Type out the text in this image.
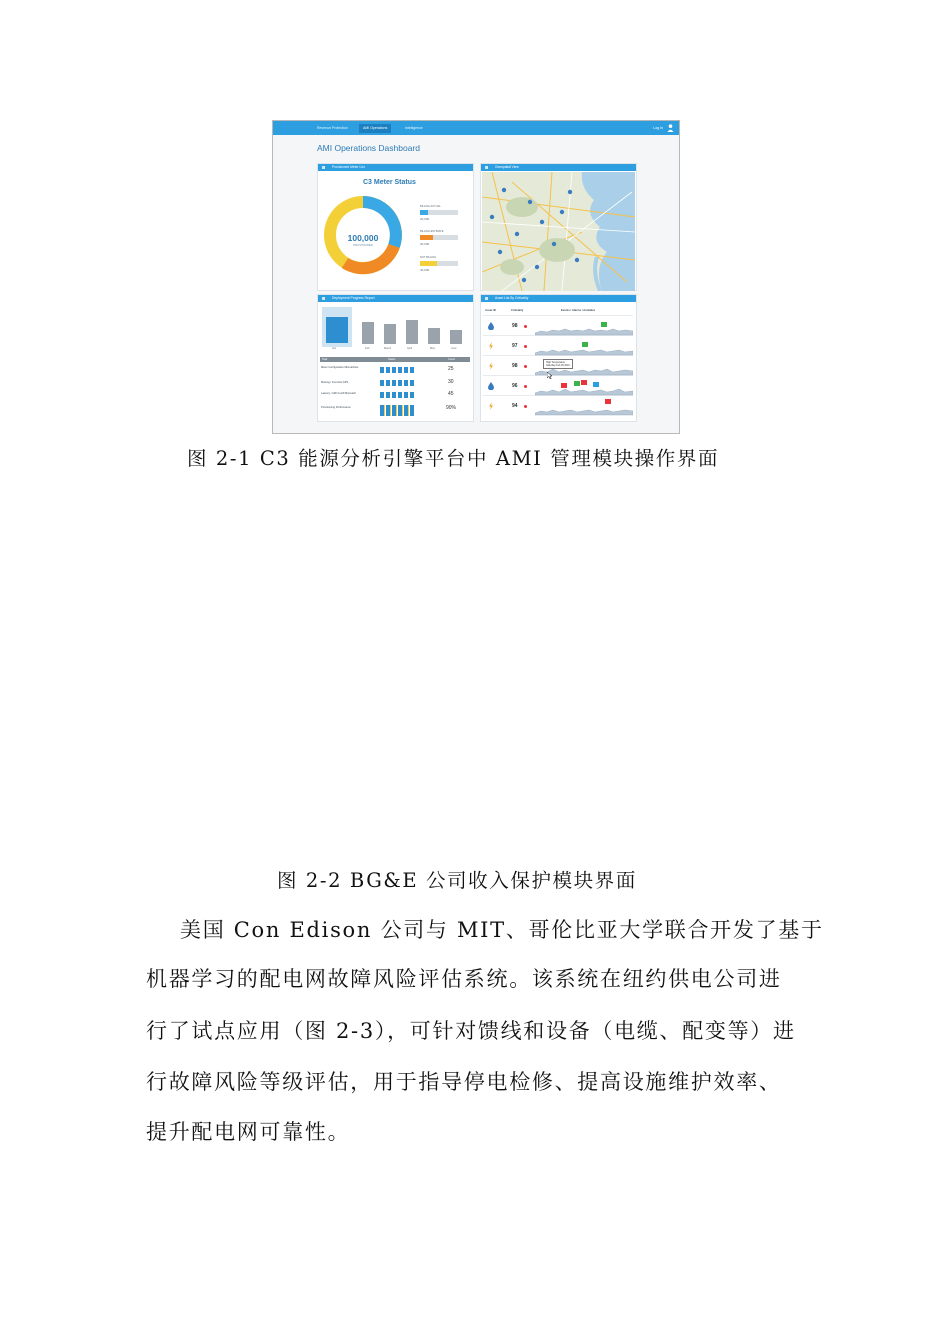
Revenue Protection	AMI Operations	Intelligence	Log In
AMI Operations Dashboard
Provisioned Meter List
C3 Meter Status
100,000
PROVISIONED
BILLING ACTUAL
20,000
BILLING ESTIMATE
30,000
NOT BILLING
40,000
Geospatial View
Deployment Progress Report
Jan	Feb	March	April	May	June
Task	Status	Count
Meter Configuration Mismatches	25
Missing / Incorrect GPS	30
Latency / AMI Cutoff Mismatch	45
Provisioning Performance	90%
Asset List By Criticality
Asset ID	Criticality	Events / Alarms / Anolalies
98
97
98
96
94
High Temperature
Saturday Feb 25 2016
图 2-1 C3 能源分析引擎平台中 AMI 管理模块操作界面
图 2-2 BG&E 公司收入保护模块界面
美国 Con Edison 公司与 MIT、哥伦比亚大学联合开发了基于
机器学习的配电网故障风险评估系统。该系统在纽约供电公司进
行了试点应用（图 2-3），可针对馈线和设备（电缆、配变等）进
行故障风险等级评估，用于指导停电检修、提高设施维护效率、
提升配电网可靠性。
